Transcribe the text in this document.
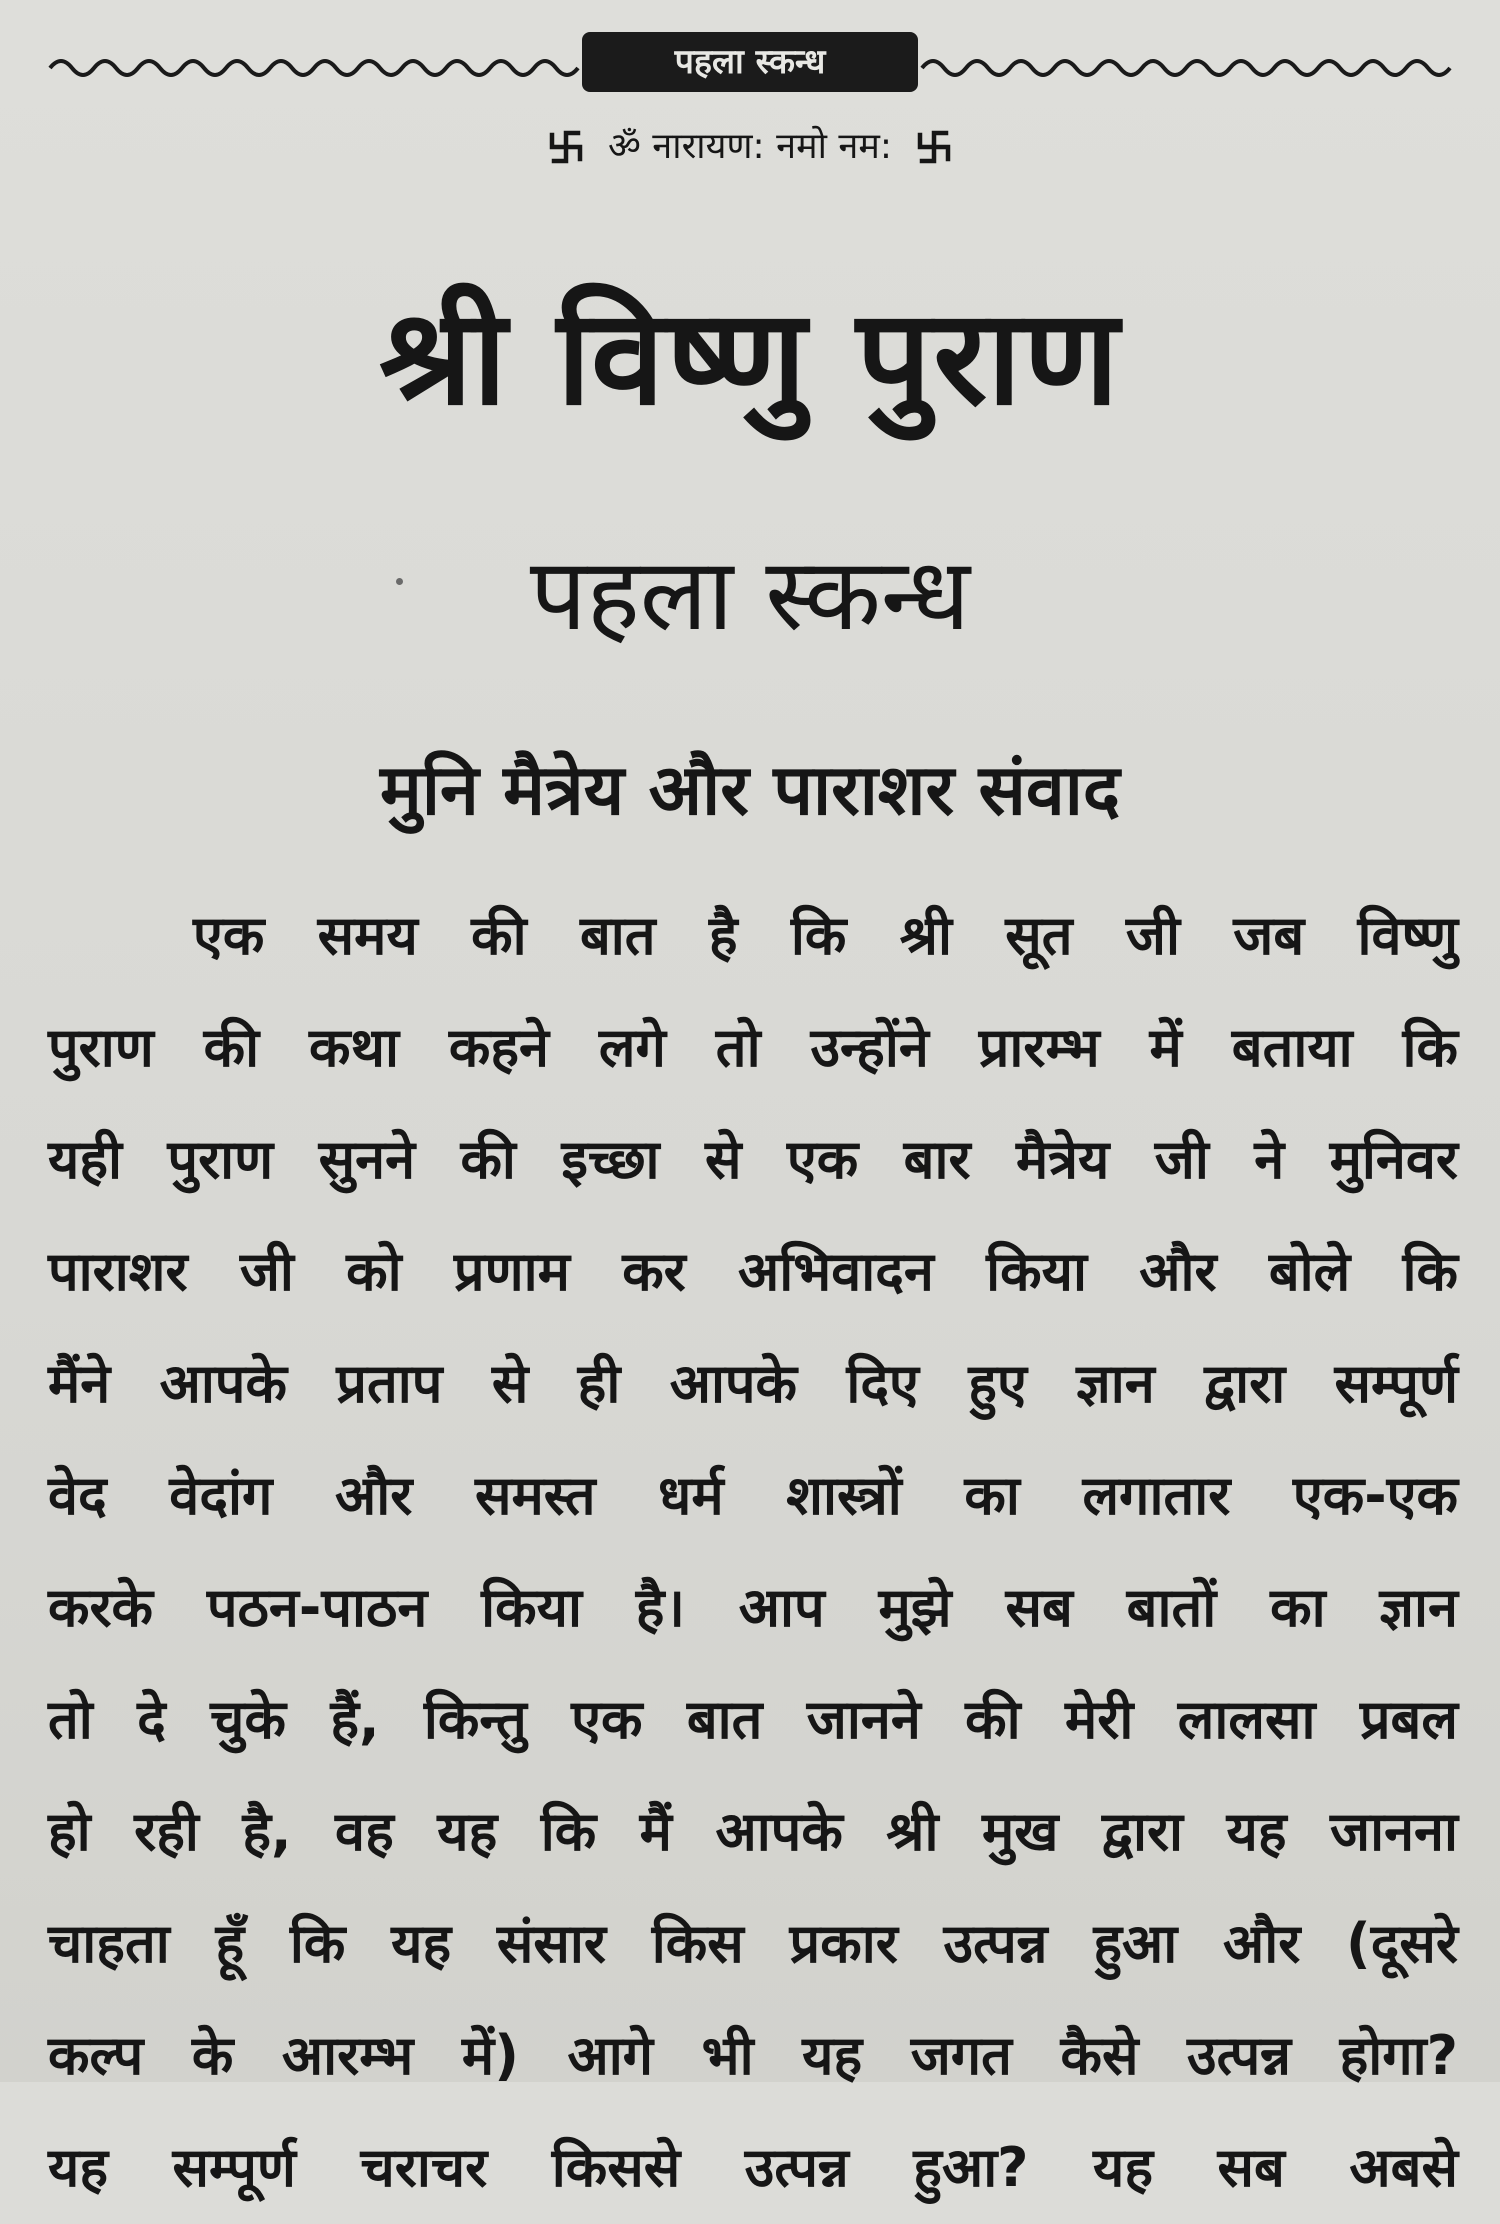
पहला स्कन्ध
ॐ नारायण: नमो नम:
श्री विष्णु पुराण
पहला स्कन्ध
मुनि मैत्रेय और पाराशर संवाद
एक समय की बात है कि श्री सूत जी जब विष्णु
पुराण की कथा कहने लगे तो उन्होंने प्रारम्भ में बताया कि
यही पुराण सुनने की इच्छा से एक बार मैत्रेय जी ने मुनिवर
पाराशर जी को प्रणाम कर अभिवादन किया और बोले कि
मैंने आपके प्रताप से ही आपके दिए हुए ज्ञान द्वारा सम्पूर्ण
वेद वेदांग और समस्त धर्म शास्त्रों का लगातार एक-एक
करके पठन-पाठन किया है। आप मुझे सब बातों का ज्ञान
तो दे चुके हैं, किन्तु एक बात जानने की मेरी लालसा प्रबल
हो रही है, वह यह कि मैं आपके श्री मुख द्वारा यह जानना
चाहता हूँ कि यह संसार किस प्रकार उत्पन्न हुआ और (दूसरे
कल्प के आरम्भ में) आगे भी यह जगत कैसे उत्पन्न होगा?
यह सम्पूर्ण चराचर किससे उत्पन्न हुआ? यह सब अबसे
